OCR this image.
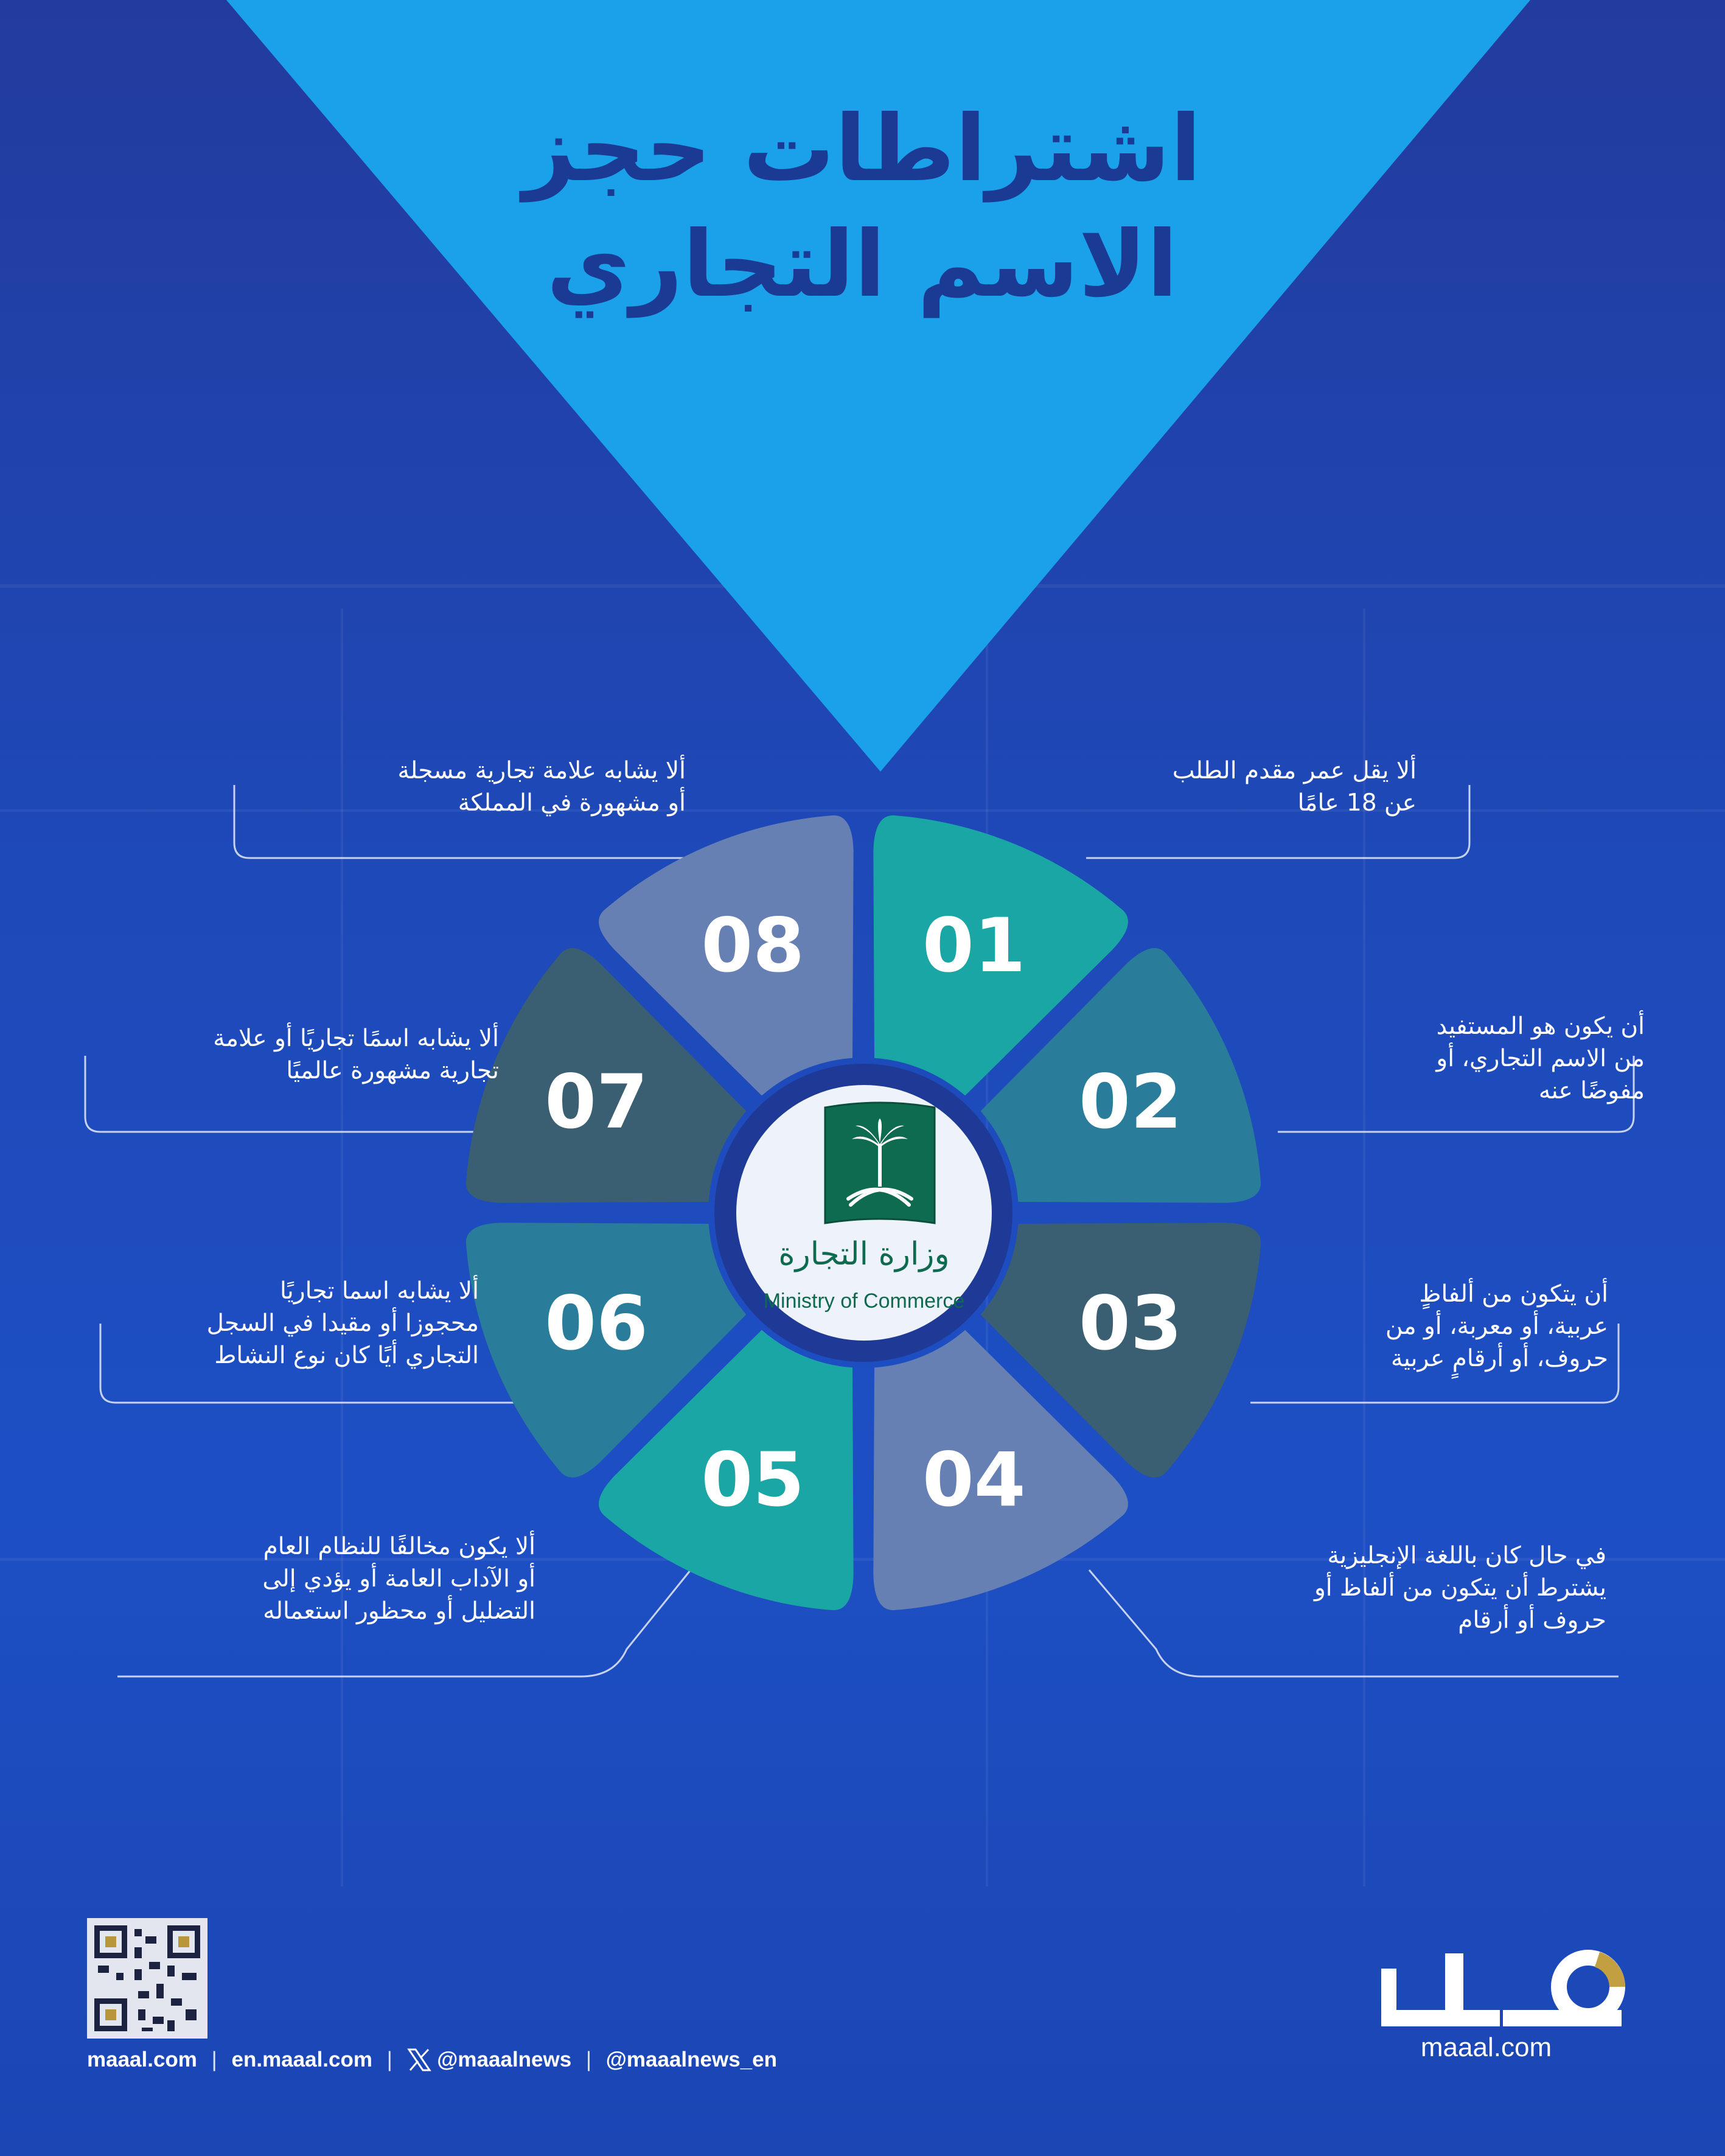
اشتراطات حجز
الاسم التجاري
01
02
03
04
05
06
07
08
وزارة التجارة
Ministry of Commerce
ألا يقل عمر مقدم الطلب
عن 18 عامًا
أن يكون هو المستفيد
من الاسم التجاري، أو
مفوضًا عنه
أن يتكون من ألفاظٍ
عربية، أو معربة، أو من
حروف، أو أرقامٍ عربية
في حال كان باللغة الإنجليزية
يشترط أن يتكون من ألفاظ أو
حروف أو أرقام
ألا يكون مخالفًا للنظام العام
أو الآداب العامة أو يؤدي إلى
التضليل أو محظور استعماله
ألا يشابه اسما تجاريًا
محجوزا أو مقيدا في السجل
التجاري أيًا كان نوع النشاط
ألا يشابه اسمًا تجاريًا أو علامة
تجارية مشهورة عالميًا
ألا يشابه علامة تجارية مسجلة
أو مشهورة في المملكة
maaal.com | en.maaal.com | @maaalnews | @maaalnews_en	maaal.com
